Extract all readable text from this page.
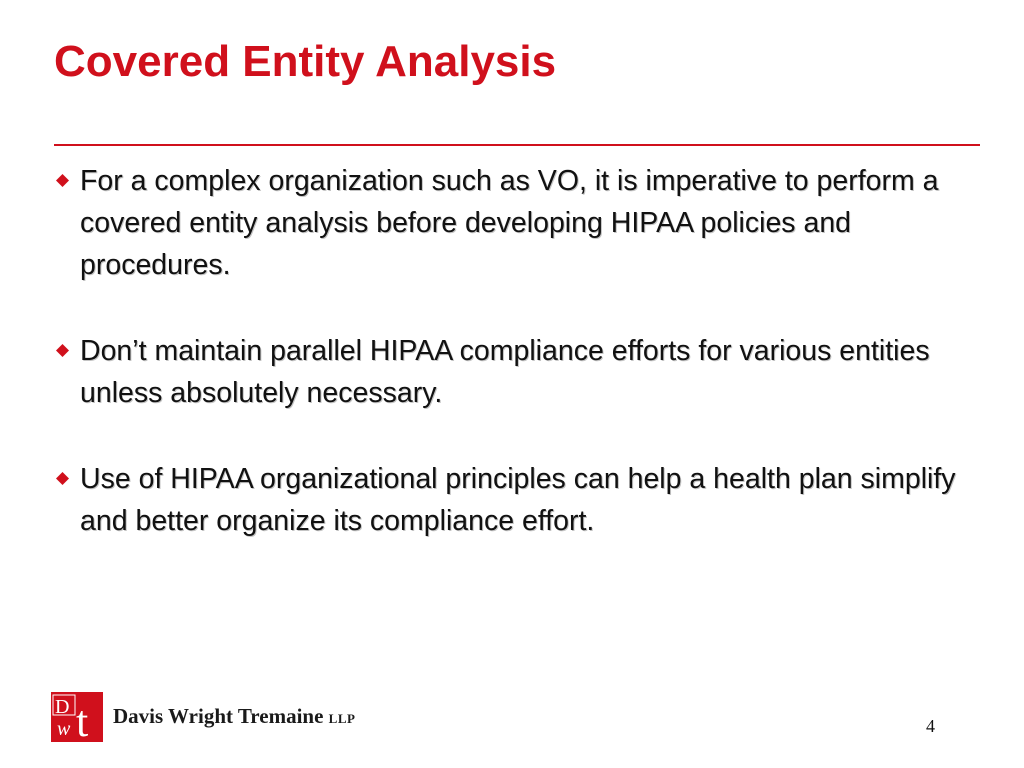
Covered Entity Analysis
For a complex organization such as VO, it is imperative to perform a covered entity analysis before developing HIPAA policies and procedures.
Don’t maintain parallel HIPAA compliance efforts for various entities unless absolutely necessary.
Use of HIPAA organizational principles can help a health plan simplify and better organize its compliance effort.
D
w t Davis Wright Tremaine LLP	4
